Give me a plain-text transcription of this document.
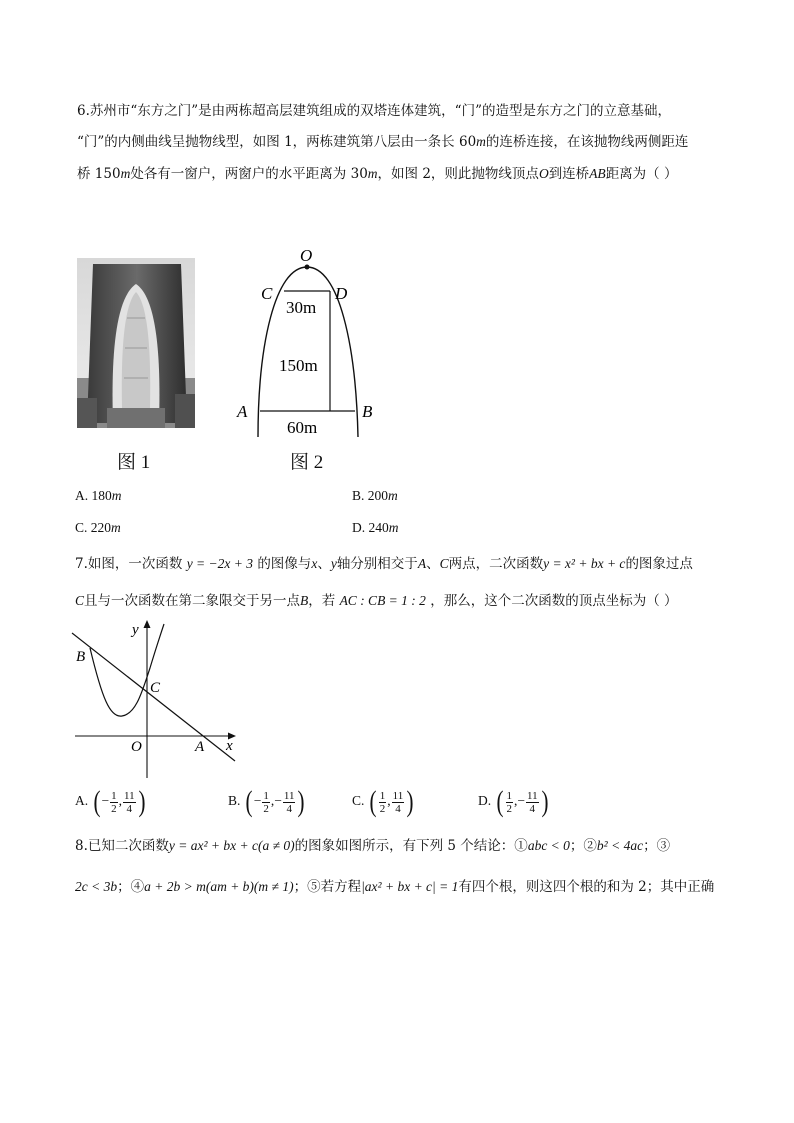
6.苏州市“东方之门”是由两栋超高层建筑组成的双塔连体建筑，“门”的造型是东方之门的立意基础，
“门”的内侧曲线呈抛物线型，如图 1，两栋建筑第八层由一条长 60m的连桥连接，在该抛物线两侧距连
桥 150m处各有一窗户，两窗户的水平距离为 30m，如图 2，则此抛物线顶点O到连桥AB距离为（ ）
O
C	D
30m
150m
A	B
60m
图 1	图 2
A. 180m	B. 200m
C. 220m	D. 240m
7.如图，一次函数 y = −2x + 3 的图像与x、y轴分别相交于A、C两点，二次函数y = x² + bx + c的图象过点
C且与一次函数在第二象限交于另一点B，若 AC : CB = 1 : 2 ，那么，这个二次函数的顶点坐标为（ ）
y
x
O	A
B
C
A. ( − $\frac{1}{2}$ , $\frac{11}{4}$ )	B. ( − $\frac{1}{2}$ ,− $\frac{11}{4}$ )	C. ( $\frac{1}{2}$ , $\frac{11}{4}$ )	D. ( $\frac{1}{2}$ ,− $\frac{11}{4}$ )
8.已知二次函数y = ax² + bx + c(a ≠ 0)的图象如图所示，有下列 5 个结论：①abc < 0；②b² < 4ac；③
2c < 3b；④a + 2b > m(am + b)(m ≠ 1)；⑤若方程|ax² + bx + c| = 1有四个根，则这四个根的和为 2；其中正确
